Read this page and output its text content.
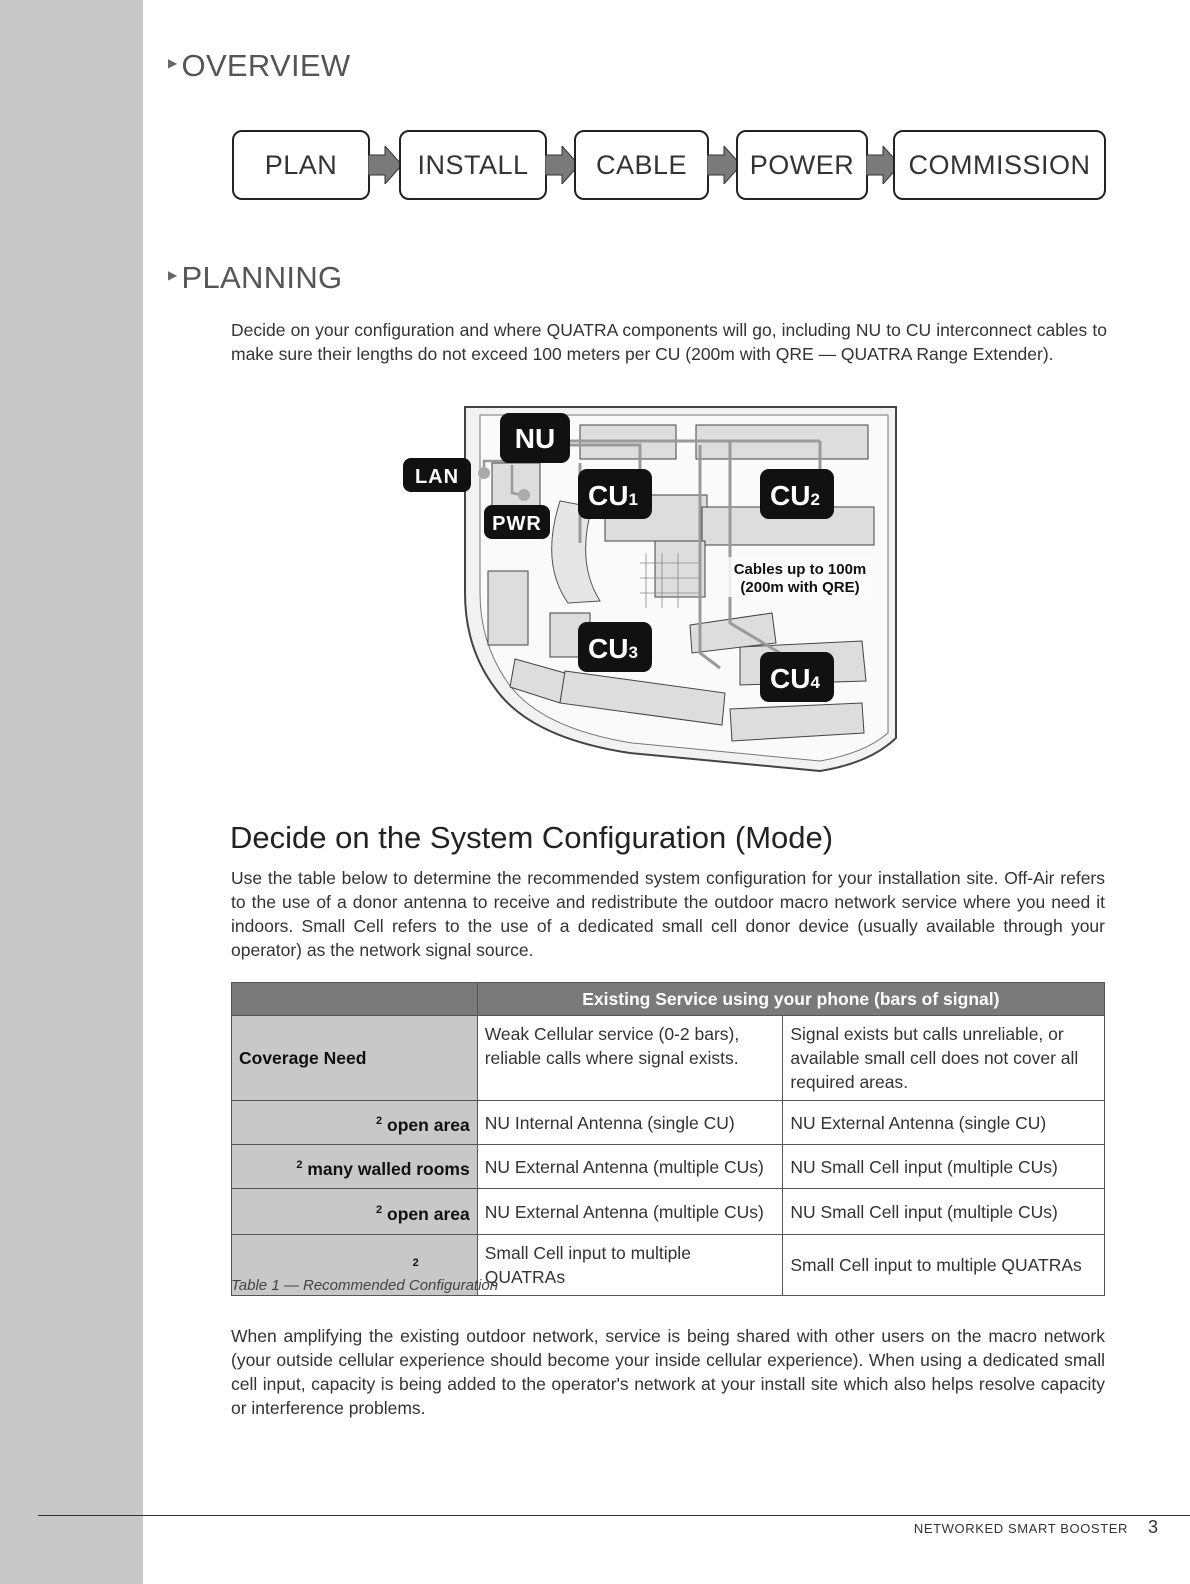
▶ OVERVIEW
PLAN	INSTALL	CABLE	POWER	COMMISSION
▶ PLANNING

Decide on your configuration and where QUATRA components will go, including NU to CU interconnect cables to make sure their lengths do not exceed 100 meters per CU (200m with QRE — QUATRA Range Extender).

NU
LAN
PWR
CU1	CU2
CU3
CU4
Cables up to 100m
(200m with QRE)
Decide on the System Configuration (Mode)

Use the table below to determine the recommended system configuration for your installation site. Off-Air refers to the use of a donor antenna to receive and redistribute the outdoor macro network service where you need it indoors. Small Cell refers to the use of a dedicated small cell donor device (usually available through your operator) as the network signal source.

	Existing Service using your phone (bars of signal)	
Coverage Need	Weak Cellular service (0-2 bars), reliable calls where signal exists.	Signal exists but calls unreliable, or available small cell does not cover all required areas.
$^2$ open area	NU Internal Antenna (single CU)	NU External Antenna (single CU)
$^2$ many walled rooms	NU External Antenna (multiple CUs)	NU Small Cell input (multiple CUs)
$^2$ open area	NU External Antenna (multiple CUs)	NU Small Cell input (multiple CUs)
$^2$	Small Cell input to multiple QUATRAs	Small Cell input to multiple QUATRAs
Table 1 — Recommended Configuration

When amplifying the existing outdoor network, service is being shared with other users on the macro network (your outside cellular experience should become your inside cellular experience). When using a dedicated small cell input, capacity is being added to the operator's network at your install site which also helps resolve capacity or interference problems.

NETWORKED SMART BOOSTER 3
